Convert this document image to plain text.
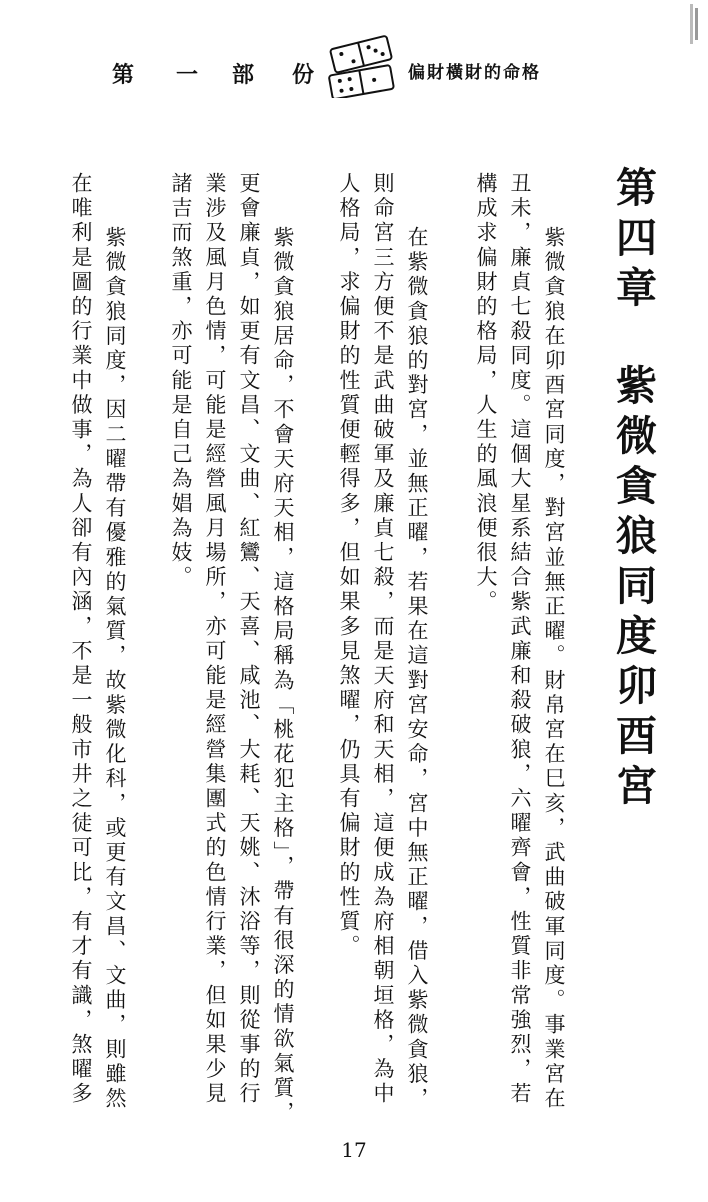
第 一 部 份	偏財橫財的命格
第四章紫微貪狼同度卯酉宮
紫微貪狼在卯酉宮同度，對宮並無正曜。財帛宮在巳亥，武曲破軍同度。事業宮在
丑未，廉貞七殺同度。這個大星系結合紫武廉和殺破狼，六曜齊會，性質非常強烈，若
構成求偏財的格局，人生的風浪便很大。
在紫微貪狼的對宮，並無正曜，若果在這對宮安命，宮中無正曜，借入紫微貪狼，
則命宮三方便不是武曲破軍及廉貞七殺，而是天府和天相，這便成為府相朝垣格，為中
人格局，求偏財的性質便輕得多，但如果多見煞曜，仍具有偏財的性質。
紫微貪狼居命，不會天府天相，這格局稱為「桃花犯主格」，帶有很深的情欲氣質，
更會廉貞，如更有文昌、文曲、紅鸞、天喜、咸池、大耗、天姚、沐浴等，則從事的行
業涉及風月色情，可能是經營風月場所，亦可能是經營集團式的色情行業，但如果少見
諸吉而煞重，亦可能是自己為娼為妓。
紫微貪狼同度，因二曜帶有優雅的氣質，故紫微化科，或更有文昌、文曲，則雖然
在唯利是圖的行業中做事，為人卻有內涵，不是一般市井之徒可比，有才有識，煞曜多
17
